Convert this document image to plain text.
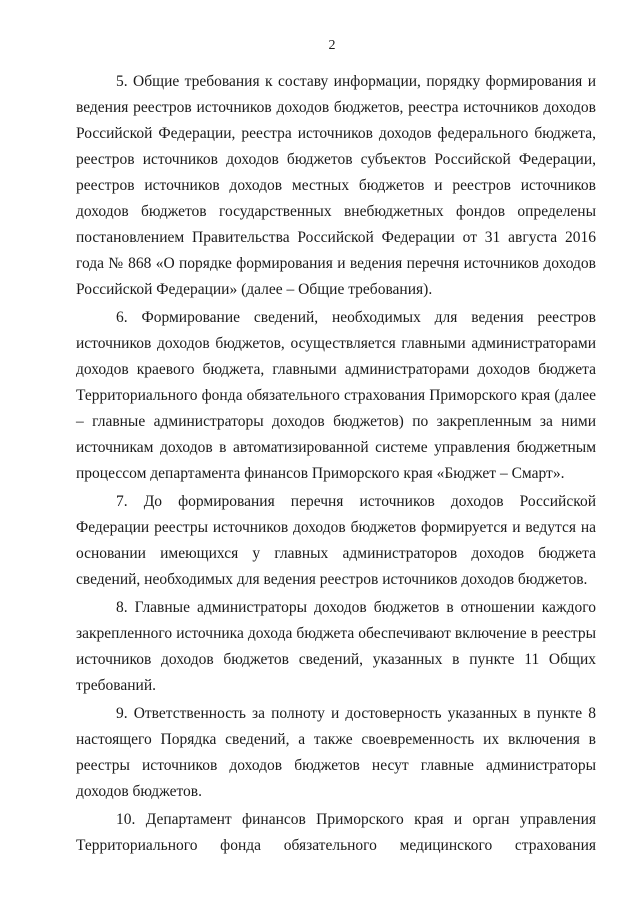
2

5. Общие требования к составу информации, порядку формирования и ведения реестров источников доходов бюджетов, реестра источников доходов Российской Федерации, реестра источников доходов федерального бюджета, реестров источников доходов бюджетов субъектов Российской Федерации, реестров источников доходов местных бюджетов и реестров источников доходов бюджетов государственных внебюджетных фондов определены постановлением Правительства Российской Федерации от 31 августа 2016 года № 868 «О порядке формирования и ведения перечня источников доходов Российской Федерации» (далее – Общие требования).

6. Формирование сведений, необходимых для ведения реестров источников доходов бюджетов, осуществляется главными администраторами доходов краевого бюджета, главными администраторами доходов бюджета Территориального фонда обязательного страхования Приморского края (далее – главные администраторы доходов бюджетов) по закрепленным за ними источникам доходов в автоматизированной системе управления бюджетным процессом департамента финансов Приморского края «Бюджет – Смарт».

7. До формирования перечня источников доходов Российской Федерации реестры источников доходов бюджетов формируется и ведутся на основании имеющихся у главных администраторов доходов бюджета сведений, необходимых для ведения реестров источников доходов бюджетов.

8. Главные администраторы доходов бюджетов в отношении каждого закрепленного источника дохода бюджета обеспечивают включение в реестры источников доходов бюджетов сведений, указанных в пункте 11 Общих требований.

9. Ответственность за полноту и достоверность указанных в пункте 8 настоящего Порядка сведений, а также своевременность их включения в реестры источников доходов бюджетов несут главные администраторы доходов бюджетов.

10. Департамент финансов Приморского края и орган управления Территориального фонда обязательного медицинского страхования
